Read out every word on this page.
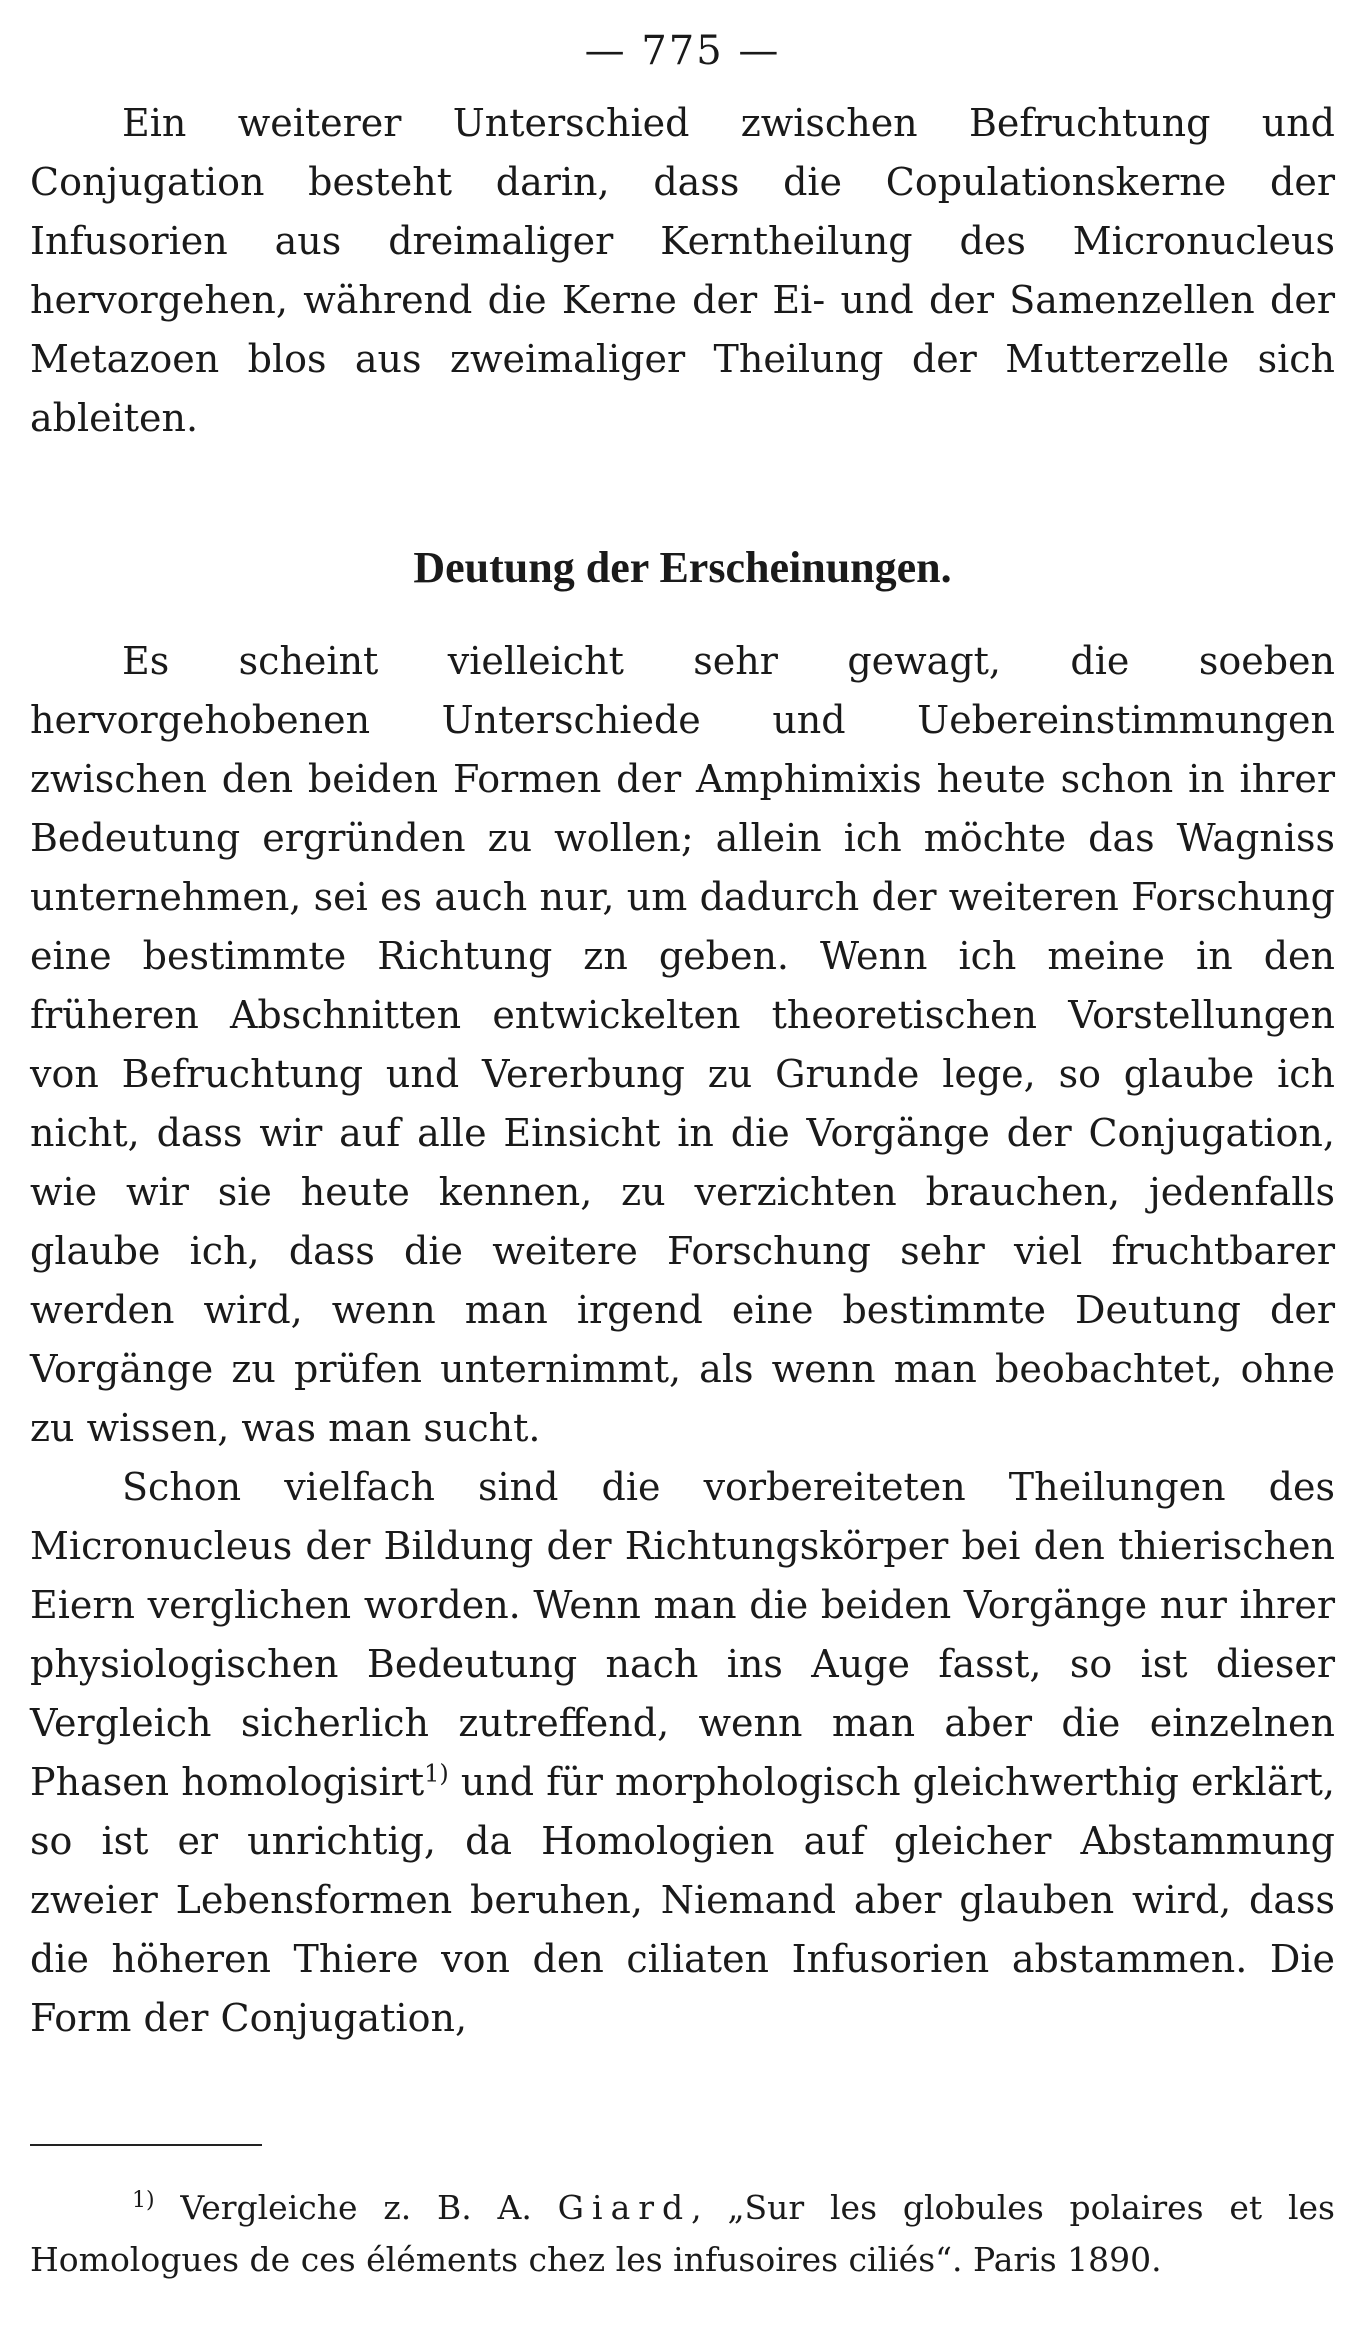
— 775 —

Ein weiterer Unterschied zwischen Befruchtung und Conjugation besteht darin, dass die Copulationskerne der Infusorien aus dreimaliger Kerntheilung des Micronucleus hervorgehen, während die Kerne der Ei- und der Samenzellen der Metazoen blos aus zweimaliger Theilung der Mutterzelle sich ableiten.

Deutung der Erscheinungen.

Es scheint vielleicht sehr gewagt, die soeben hervorgehobenen Unterschiede und Uebereinstimmungen zwischen den beiden Formen der Amphimixis heute schon in ihrer Bedeutung ergründen zu wollen; allein ich möchte das Wagniss unternehmen, sei es auch nur, um dadurch der weiteren Forschung eine bestimmte Richtung zn geben. Wenn ich meine in den früheren Abschnitten entwickelten theoretischen Vorstellungen von Befruchtung und Vererbung zu Grunde lege, so glaube ich nicht, dass wir auf alle Einsicht in die Vorgänge der Conjugation, wie wir sie heute kennen, zu verzichten brauchen, jedenfalls glaube ich, dass die weitere Forschung sehr viel fruchtbarer werden wird, wenn man irgend eine bestimmte Deutung der Vorgänge zu prüfen unternimmt, als wenn man beobachtet, ohne zu wissen, was man sucht.

Schon vielfach sind die vorbereiteten Theilungen des Micronucleus der Bildung der Richtungskörper bei den thierischen Eiern verglichen worden. Wenn man die beiden Vorgänge nur ihrer physiologischen Bedeutung nach ins Auge fasst, so ist dieser Vergleich sicherlich zutreffend, wenn man aber die einzelnen Phasen homologisirt$^{1)}$ und für morphologisch gleichwerthig erklärt, so ist er unrichtig, da Homologien auf gleicher Abstammung zweier Lebensformen beruhen, Niemand aber glauben wird, dass die höheren Thiere von den ciliaten Infusorien abstammen. Die Form der Conjugation,

$^{1)}$ Vergleiche z. B. A. Giard, „Sur les globules polaires et les Homologues de ces éléments chez les infusoires ciliés“. Paris 1890.
